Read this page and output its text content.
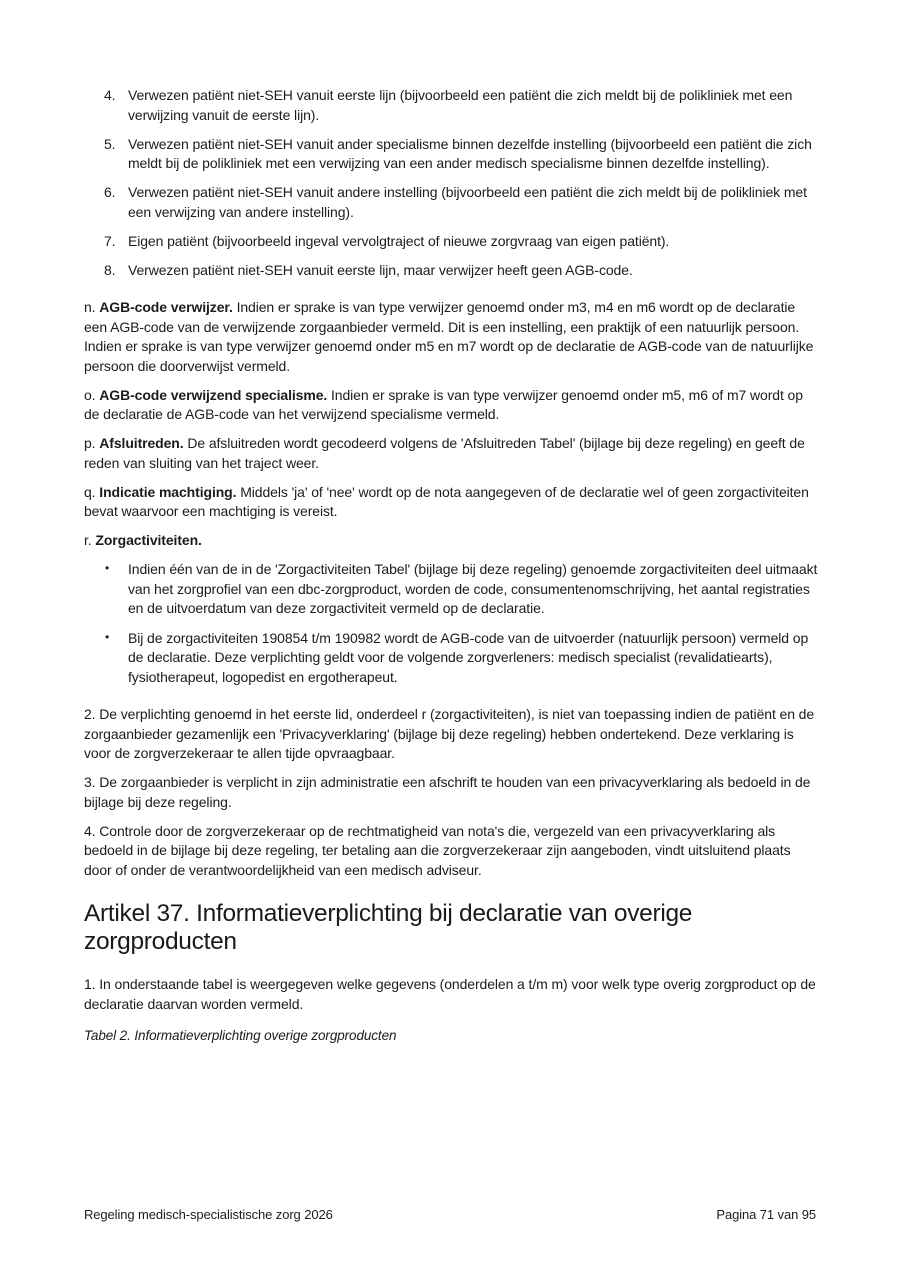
4. Verwezen patiënt niet-SEH vanuit eerste lijn (bijvoorbeeld een patiënt die zich meldt bij de polikliniek met een verwijzing vanuit de eerste lijn).
5. Verwezen patiënt niet-SEH vanuit ander specialisme binnen dezelfde instelling (bijvoorbeeld een patiënt die zich meldt bij de polikliniek met een verwijzing van een ander medisch specialisme binnen dezelfde instelling).
6. Verwezen patiënt niet-SEH vanuit andere instelling (bijvoorbeeld een patiënt die zich meldt bij de polikliniek met een verwijzing van andere instelling).
7. Eigen patiënt (bijvoorbeeld ingeval vervolgtraject of nieuwe zorgvraag van eigen patiënt).
8. Verwezen patiënt niet-SEH vanuit eerste lijn, maar verwijzer heeft geen AGB-code.

n. AGB-code verwijzer. Indien er sprake is van type verwijzer genoemd onder m3, m4 en m6 wordt op de declaratie een AGB-code van de verwijzende zorgaanbieder vermeld. Dit is een instelling, een praktijk of een natuurlijk persoon. Indien er sprake is van type verwijzer genoemd onder m5 en m7 wordt op de declaratie de AGB-code van de natuurlijke persoon die doorverwijst vermeld.

o. AGB-code verwijzend specialisme. Indien er sprake is van type verwijzer genoemd onder m5, m6 of m7 wordt op de declaratie de AGB-code van het verwijzend specialisme vermeld.

p. Afsluitreden. De afsluitreden wordt gecodeerd volgens de 'Afsluitreden Tabel' (bijlage bij deze regeling) en geeft de reden van sluiting van het traject weer.

q. Indicatie machtiging. Middels 'ja' of 'nee' wordt op de nota aangegeven of de declaratie wel of geen zorgactiviteiten bevat waarvoor een machtiging is vereist.

r. Zorgactiviteiten.

• Indien één van de in de 'Zorgactiviteiten Tabel' (bijlage bij deze regeling) genoemde zorgactiviteiten deel uitmaakt van het zorgprofiel van een dbc-zorgproduct, worden de code, consumentenomschrijving, het aantal registraties en de uitvoerdatum van deze zorgactiviteit vermeld op de declaratie.
• Bij de zorgactiviteiten 190854 t/m 190982 wordt de AGB-code van de uitvoerder (natuurlijk persoon) vermeld op de declaratie. Deze verplichting geldt voor de volgende zorgverleners: medisch specialist (revalidatiearts), fysiotherapeut, logopedist en ergotherapeut.

2. De verplichting genoemd in het eerste lid, onderdeel r (zorgactiviteiten), is niet van toepassing indien de patiënt en de zorgaanbieder gezamenlijk een 'Privacyverklaring' (bijlage bij deze regeling) hebben ondertekend. Deze verklaring is voor de zorgverzekeraar te allen tijde opvraagbaar.

3. De zorgaanbieder is verplicht in zijn administratie een afschrift te houden van een privacyverklaring als bedoeld in de bijlage bij deze regeling.

4. Controle door de zorgverzekeraar op de rechtmatigheid van nota's die, vergezeld van een privacyverklaring als bedoeld in de bijlage bij deze regeling, ter betaling aan die zorgverzekeraar zijn aangeboden, vindt uitsluitend plaats door of onder de verantwoordelijkheid van een medisch adviseur.

Artikel 37. Informatieverplichting bij declaratie van overige zorgproducten

1. In onderstaande tabel is weergegeven welke gegevens (onderdelen a t/m m) voor welk type overig zorgproduct op de declaratie daarvan worden vermeld.

Tabel 2. Informatieverplichting overige zorgproducten

Regeling medisch-specialistische zorg 2026	Pagina 71 van 95
